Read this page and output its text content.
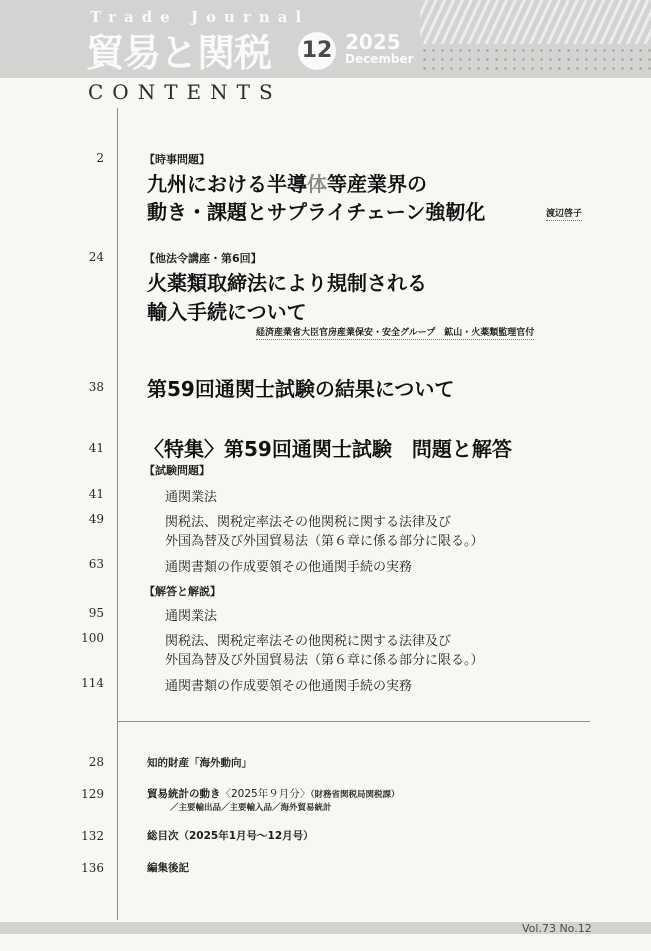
Trade Journal
貿易と関税 12 2025
December
CONTENTS
2	【時事問題】
九州における半導体等産業界の
動き・課題とサプライチェーン強靭化	渡辺啓子
24	【他法令講座・第6回】
火薬類取締法により規制される
輸入手続について
経済産業省大臣官房産業保安・安全グループ　鉱山・火薬類監理官付
38 第59回通関士試験の結果について
41 〈特集〉第59回通関士試験　問題と解答
【試験問題】
41	通関業法
49	関税法、関税定率法その他関税に関する法律及び
外国為替及び外国貿易法（第６章に係る部分に限る。）
63	通関書類の作成要領その他通関手続の実務
【解答と解説】
95	通関業法
100	関税法、関税定率法その他関税に関する法律及び
外国為替及び外国貿易法（第６章に係る部分に限る。）
114	通関書類の作成要領その他通関手続の実務
28	知的財産「海外動向」
129	貿易統計の動き〈2025年９月分〉（財務省関税局関税課）
／主要輸出品／主要輸入品／海外貿易統計
132	総目次（2025年1月号～12月号）
136	編集後記
Vol.73 No.12
